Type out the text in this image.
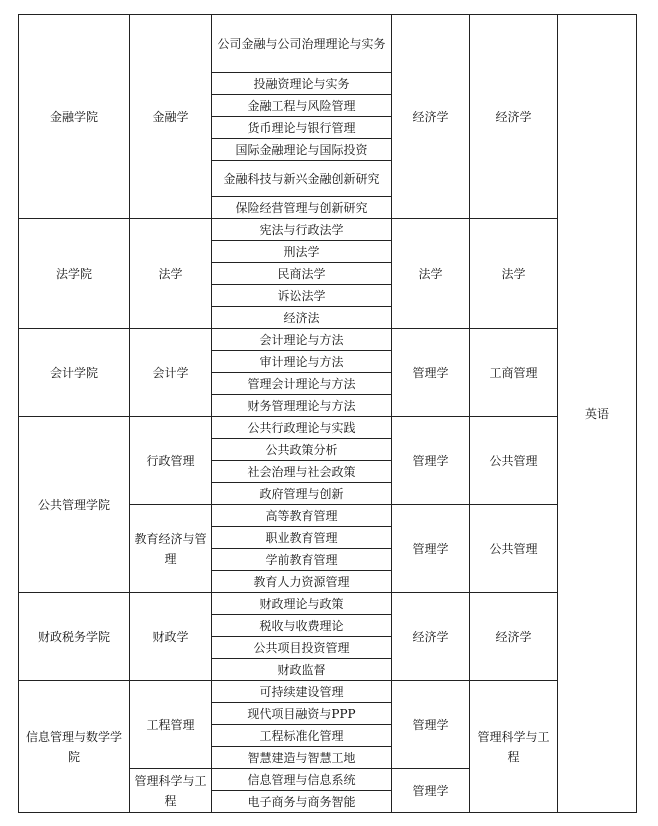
金融学院	金融学	公司金融与公司治理理论与实务	经济学	经济学	英语
		投融资理论与实务			
		金融工程与风险管理			
		货币理论与银行管理			
		国际金融理论与国际投资			
		金融科技与新兴金融创新研究			
		保险经营管理与创新研究			
法学院	法学	宪法与行政法学	法学	法学	
		刑法学			
		民商法学			
		诉讼法学			
		经济法			
会计学院	会计学	会计理论与方法	管理学	工商管理	
		审计理论与方法			
		管理会计理论与方法			
		财务管理理论与方法			
公共管理学院	行政管理	公共行政理论与实践	管理学	公共管理	
		公共政策分析			
		社会治理与社会政策			
		政府管理与创新			
	教育经济与管理	高等教育管理	管理学	公共管理	
		职业教育管理			
		学前教育管理			
		教育人力资源管理			
财政税务学院	财政学	财政理论与政策	经济学	经济学	
		税收与收费理论			
		公共项目投资管理			
		财政监督			
信息管理与数学学院	工程管理	可持续建设管理	管理学	管理科学与工程	
		现代项目融资与PPP			
		工程标准化管理			
		智慧建造与智慧工地			
	管理科学与工程	信息管理与信息系统	管理学		
		电子商务与商务智能			
